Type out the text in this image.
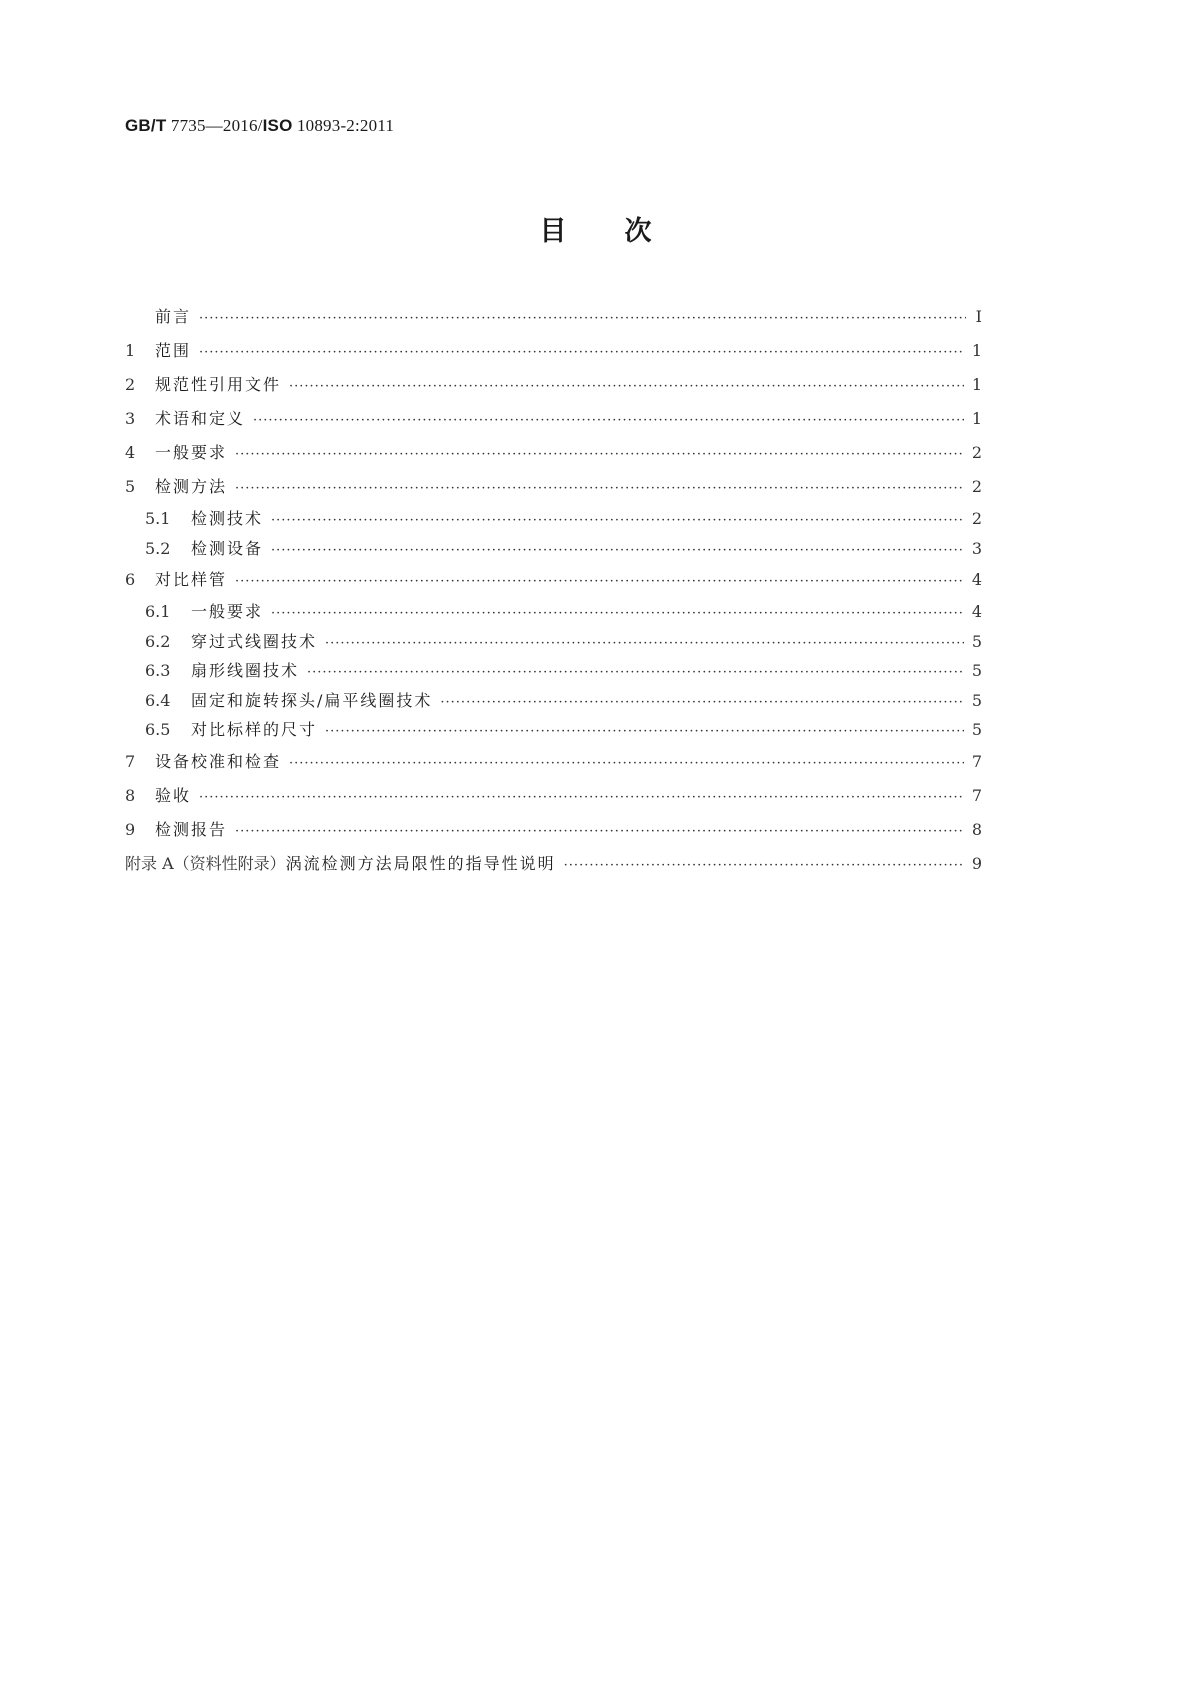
GB/T 7735—2016/ISO 10893-2:2011
目次
前言 ·····	Ⅰ
1	范围 ·····	1
2	规范性引用文件 ·····	1
3	术语和定义 ·····	1
4	一般要求 ·····	2
5	检测方法 ·····	2
5.1	检测技术 ·····	2
5.2	检测设备 ·····	3
6	对比样管 ·····	4
6.1	一般要求 ·····	4
6.2	穿过式线圈技术 ·····	5
6.3	扇形线圈技术 ·····	5
6.4	固定和旋转探头/扁平线圈技术 ·····	5
6.5	对比标样的尺寸 ·····	5
7	设备校准和检查 ·····	7
8	验收 ·····	7
9	检测报告 ·····	8
附录 A（资料性附录） 涡流检测方法局限性的指导性说明 ·····	9
